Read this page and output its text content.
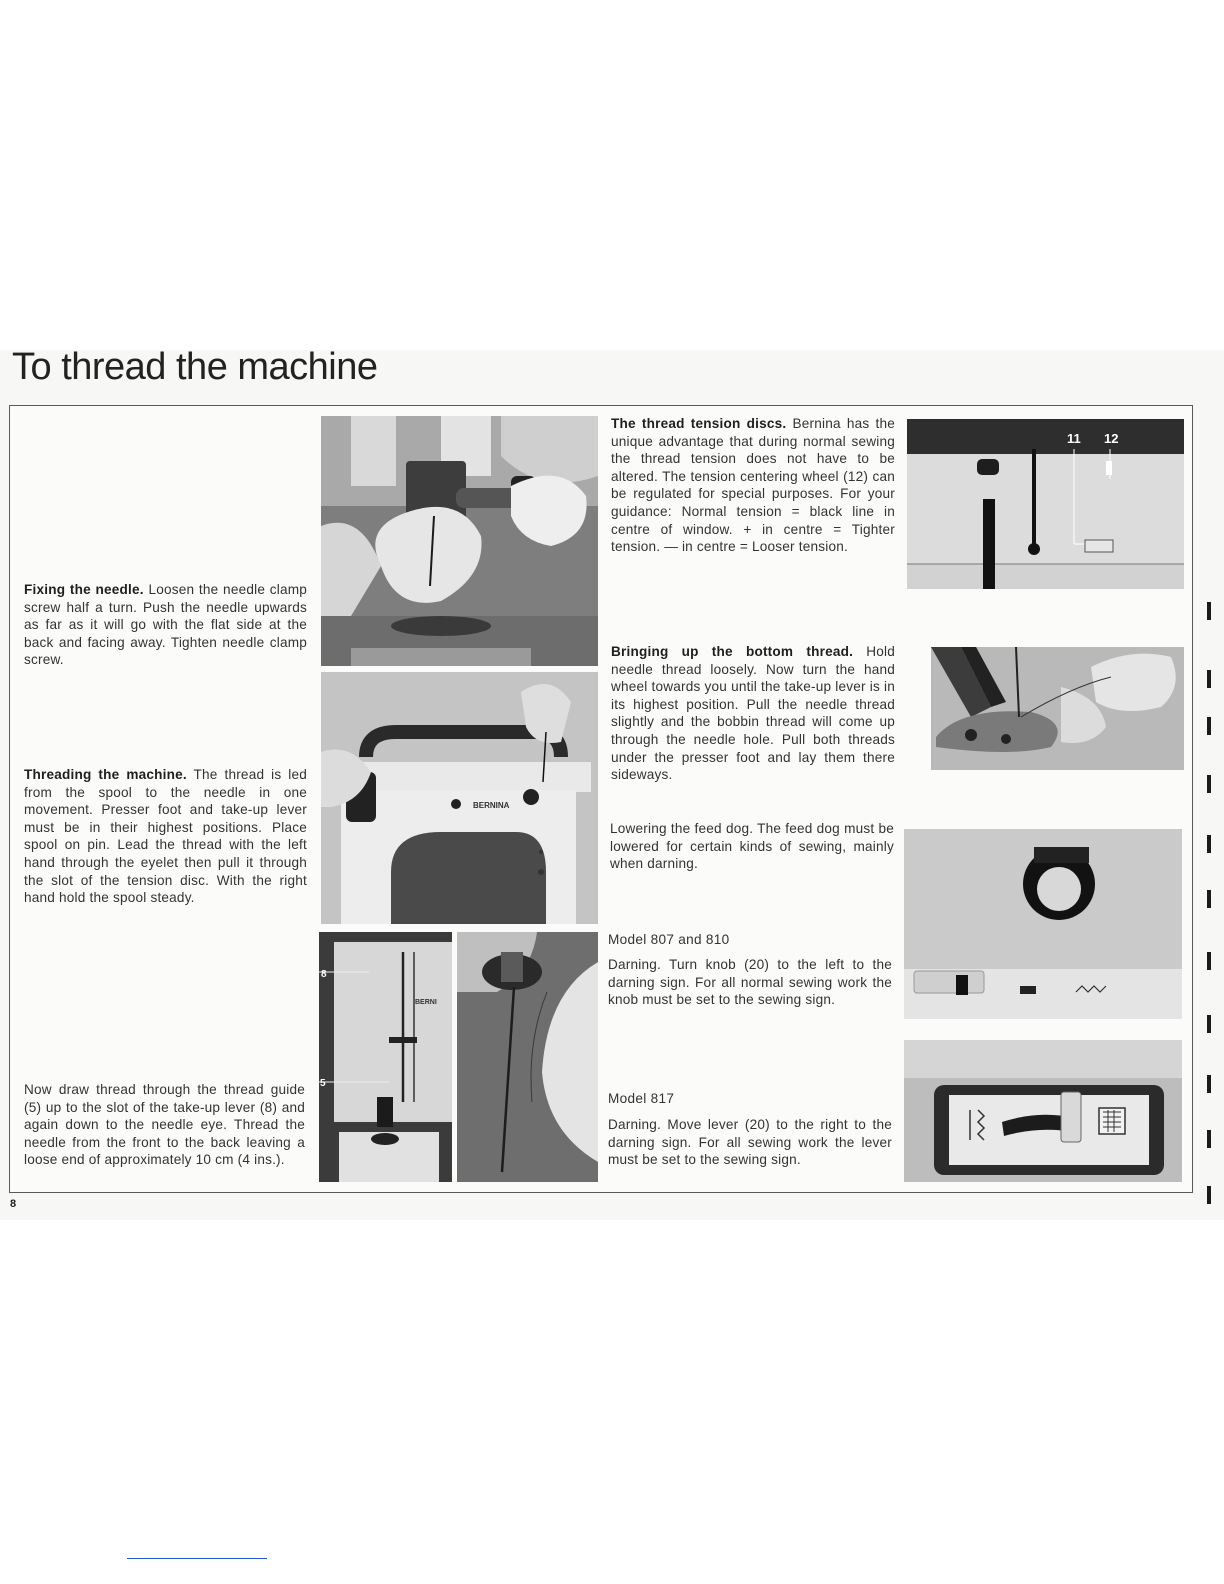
To thread the machine
Fixing the needle. Loosen the needle clamp screw half a turn. Push the needle upwards as far as it will go with the flat side at the back and facing away. Tighten needle clamp screw.
Threading the machine. The thread is led from the spool to the needle in one movement. Presser foot and take-up lever must be in their highest positions. Place spool on pin. Lead the thread with the left hand through the eyelet then pull it through the slot of the tension disc. With the right hand hold the spool steady.
Now draw thread through the thread guide (5) up to the slot of the take-up lever (8) and again down to the needle eye. Thread the needle from the front to the back leaving a loose end of approximately 10 cm (4 ins.).
BERNINA
8
5
BERNI
The thread tension discs. Bernina has the unique advantage that during normal sewing the thread tension does not have to be altered. The tension centering wheel (12) can be regulated for special purposes. For your guidance: Normal tension = black line in centre of window. + in centre = Tighter tension. — in centre = Looser tension.
Bringing up the bottom thread. Hold needle thread loosely. Now turn the hand wheel towards you until the take-up lever is in its highest position. Pull the needle thread slightly and the bobbin thread will come up through the needle hole. Pull both threads under the presser foot and lay them there sideways.
Lowering the feed dog. The feed dog must be lowered for certain kinds of sewing, mainly when darning.
Model 807 and 810
Darning. Turn knob (20) to the left to the darning sign. For all normal sewing work the knob must be set to the sewing sign.
Model 817
Darning. Move lever (20) to the right to the darning sign. For all sewing work the lever must be set to the sewing sign.
11 12
8
